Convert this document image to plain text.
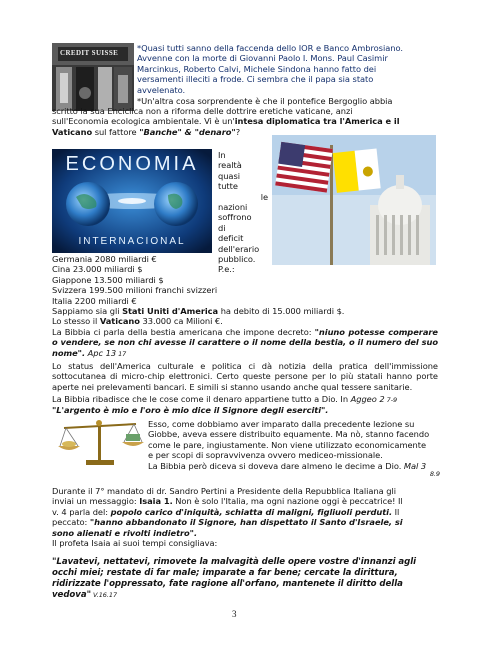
CREDIT SUISSE *Quasi tutti sanno della faccenda dello IOR e Banco Ambrosiano.

Avvenne con la morte di Giovanni Paolo I. Mons. Paul Casimir

Marcinkus, Roberto Calvi, Michele Sindona hanno fatto dei

versamenti illeciti a frode. Ci sembra che il papa sia stato

avvelenato.

*Un'altra cosa sorprendente è che il pontefice Bergoglio abbia

scritto la sua Enciclica non a riforma delle dottrire eretiche vaticane, anzi

sull'Economia ecologica ambientale. Vi è un'intesa diplomatica tra l'America e il

Vaticano sul fattore "Banche" & "denaro"?

ECONOMIA
INTERNACIONAL

In

realtà

quasi

tutte

le

nazioni

soffrono

di

deficit

dell'erario

pubblico.

P.e.:

Germania 2080 miliardi €

Cina 23.000 miliardi $

Giappone 13.500 miliardi $

Svizzera 199.500 milioni franchi svizzeri

Italia 2200 miliardi €

Sappiamo sia gli Stati Uniti d'America ha debito di 15.000 miliardi $.

Lo stesso il Vaticano 33.000 ca Milioni €.

La Bibbia ci parla della bestia americana che impone decreto: "niuno potesse comperare o vendere, se non chi avesse il carattere o il nome della bestia, o il numero del suo nome". Apc 13 17

Lo status dell'America culturale e politica ci dà notizia della pratica dell'immissione sottocutanea di micro-chip elettronici. Certo queste persone per lo più statali hanno porte aperte nei prelevamenti bancari. E simili si stanno usando anche qual tessere sanitarie.

La Bibbia ribadisce che le cose come il denaro appartiene tutto a Dio. In Aggeo 2 7-9

"L'argento è mio e l'oro è mio dice il Signore degli eserciti".

Esso, come dobbiamo aver imparato dalla precedente lezione su

Giobbe, aveva essere distribuito equamente. Ma nò, stanno facendo

come le pare, ingiustamente. Non viene utilizzato economicamente

e per scopi di sopravvivenza ovvero mediceo-missionale.

La Bibbia però diceva si doveva dare almeno le decime a Dio. Mal 3

8.9

Durante il 7° mandato di dr. Sandro Pertini a Presidente della Repubblica Italiana gli

inviai un messaggio: Isaia 1. Non è solo l'Italia, ma ogni nazione oggi è peccatrice! Il

v. 4 parla del: popolo carico d'iniquità, schiatta di maligni, figliuoli perduti. Il

peccato: "hanno abbandonato il Signore, han dispettato il Santo d'Israele, si

sono alienati e rivolti indietro".

Il profeta Isaia ai suoi tempi consigliava:

"Lavatevi, nettatevi, rimovete la malvagità delle opere vostre d'innanzi agli

occhi miei; restate di far male; imparate a far bene; cercate la dirittura,

ridirizzate l'oppressato, fate ragione all'orfano, mantenete il diritto della

vedova" V.16.17

3
